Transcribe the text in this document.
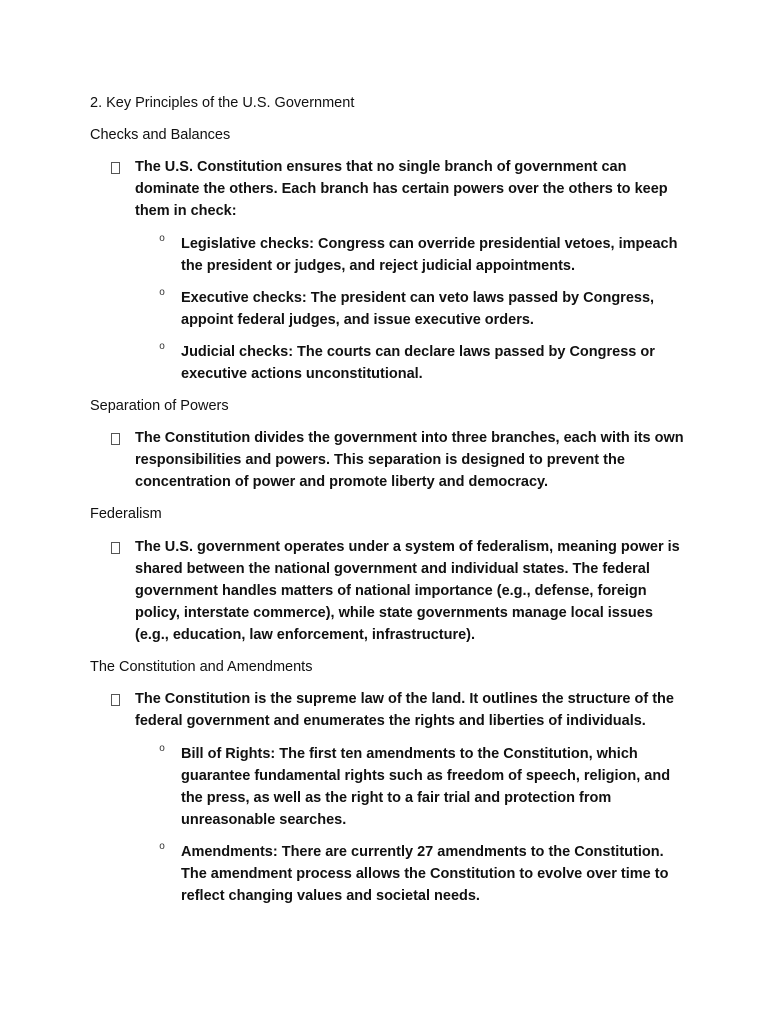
2. Key Principles of the U.S. Government

Checks and Balances

The U.S. Constitution ensures that no single branch of government can dominate the others. Each branch has certain powers over the others to keep them in check:

o Legislative checks: Congress can override presidential vetoes, impeach the president or judges, and reject judicial appointments.

o Executive checks: The president can veto laws passed by Congress, appoint federal judges, and issue executive orders.

o Judicial checks: The courts can declare laws passed by Congress or executive actions unconstitutional.

Separation of Powers

The Constitution divides the government into three branches, each with its own responsibilities and powers. This separation is designed to prevent the concentration of power and promote liberty and democracy.

Federalism

The U.S. government operates under a system of federalism, meaning power is shared between the national government and individual states. The federal government handles matters of national importance (e.g., defense, foreign policy, interstate commerce), while state governments manage local issues (e.g., education, law enforcement, infrastructure).

The Constitution and Amendments

The Constitution is the supreme law of the land. It outlines the structure of the federal government and enumerates the rights and liberties of individuals.

o Bill of Rights: The first ten amendments to the Constitution, which guarantee fundamental rights such as freedom of speech, religion, and the press, as well as the right to a fair trial and protection from unreasonable searches.

o Amendments: There are currently 27 amendments to the Constitution. The amendment process allows the Constitution to evolve over time to reflect changing values and societal needs.
